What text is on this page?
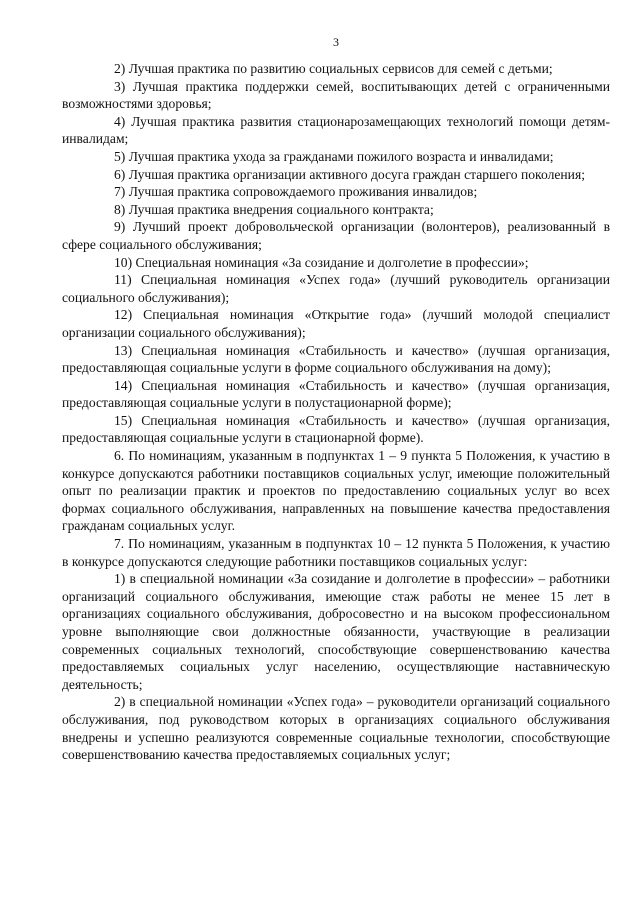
3

2) Лучшая практика по развитию социальных сервисов для семей с детьми;

3) Лучшая практика поддержки семей, воспитывающих детей с ограниченными возможностями здоровья;

4) Лучшая практика развития стационарозамещающих технологий помощи детям-инвалидам;

5) Лучшая практика ухода за гражданами пожилого возраста и инвалидами;

6) Лучшая практика организации активного досуга граждан старшего поколения;

7) Лучшая практика сопровождаемого проживания инвалидов;

8) Лучшая практика внедрения социального контракта;

9) Лучший проект добровольческой организации (волонтеров), реализованный в сфере социального обслуживания;

10) Специальная номинация «За созидание и долголетие в профессии»;

11) Специальная номинация «Успех года» (лучший руководитель организации социального обслуживания);

12) Специальная номинация «Открытие года» (лучший молодой специалист организации социального обслуживания);

13) Специальная номинация «Стабильность и качество» (лучшая организация, предоставляющая социальные услуги в форме социального обслуживания на дому);

14) Специальная номинация «Стабильность и качество» (лучшая организация, предоставляющая социальные услуги в полустационарной форме);

15) Специальная номинация «Стабильность и качество» (лучшая организация, предоставляющая социальные услуги в стационарной форме).

6. По номинациям, указанным в подпунктах 1 – 9 пункта 5 Положения, к участию в конкурсе допускаются работники поставщиков социальных услуг, имеющие положительный опыт по реализации практик и проектов по предоставлению социальных услуг во всех формах социального обслуживания, направленных на повышение качества предоставления гражданам социальных услуг.

7. По номинациям, указанным в подпунктах 10 – 12 пункта 5 Положения, к участию в конкурсе допускаются следующие работники поставщиков социальных услуг:

1) в специальной номинации «За созидание и долголетие в профессии» – работники организаций социального обслуживания, имеющие стаж работы не менее 15 лет в организациях социального обслуживания, добросовестно и на высоком профессиональном уровне выполняющие свои должностные обязанности, участвующие в реализации современных социальных технологий, способствующие совершенствованию качества предоставляемых социальных услуг населению, осуществляющие наставническую деятельность;

2) в специальной номинации «Успех года» – руководители организаций социального обслуживания, под руководством которых в организациях социального обслуживания внедрены и успешно реализуются современные социальные технологии, способствующие совершенствованию качества предоставляемых социальных услуг;
